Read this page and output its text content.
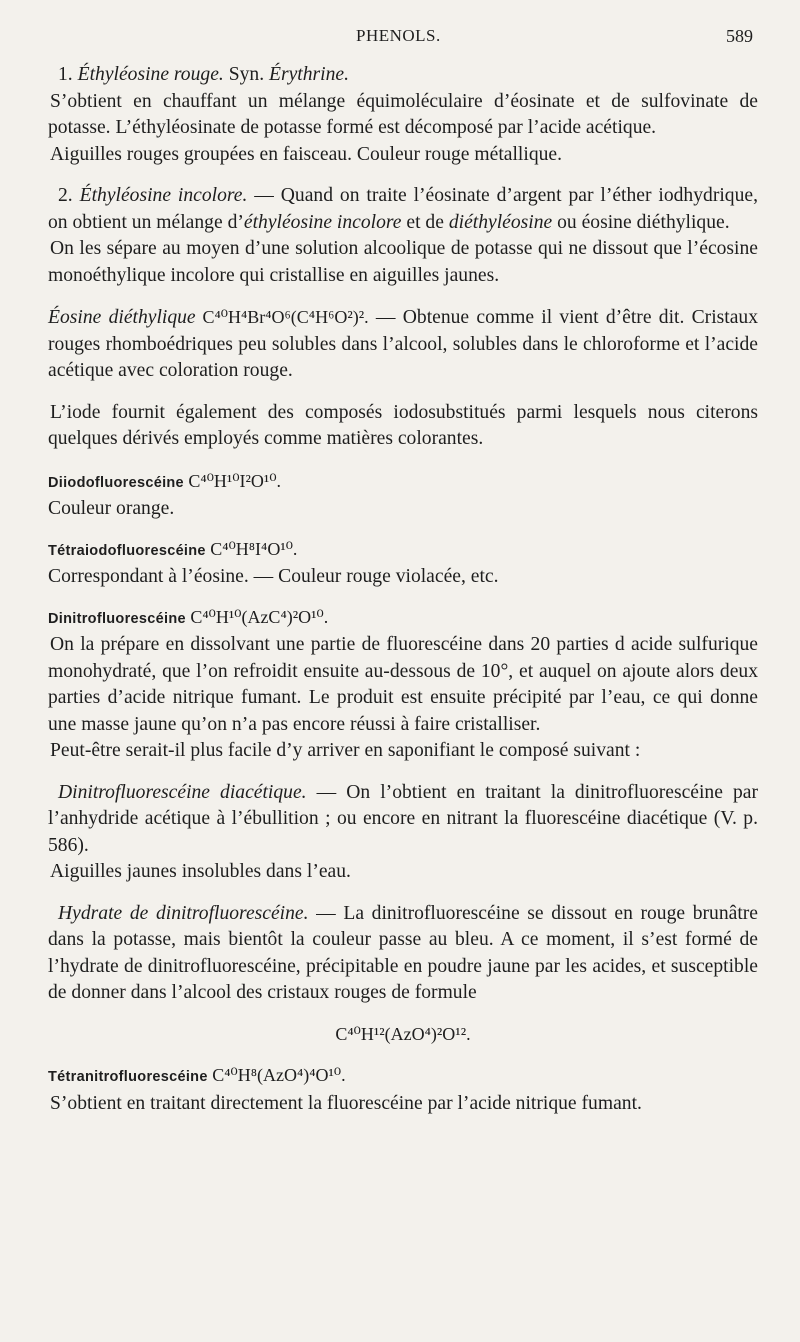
PHENOLS.	589

1. Éthyléosine rouge. Syn. Érythrine.

S’obtient en chauffant un mélange équimoléculaire d’éosinate et de sulfovinate de potasse. L’éthyléosinate de potasse formé est décomposé par l’acide acétique.

Aiguilles rouges groupées en faisceau. Couleur rouge métallique.

2. Éthyléosine incolore. — Quand on traite l’éosinate d’argent par l’éther iodhydrique, on obtient un mélange d’éthyléosine incolore et de diéthyléosine ou éosine diéthylique.

On les sépare au moyen d’une solution alcoolique de potasse qui ne dissout que l’écosine monoéthylique incolore qui cristallise en aiguilles jaunes.

Éosine diéthylique C⁴⁰H⁴Br⁴O⁶(C⁴H⁶O²)². — Obtenue comme il vient d’être dit. Cristaux rouges rhomboédriques peu solubles dans l’alcool, solubles dans le chloroforme et l’acide acétique avec coloration rouge.

L’iode fournit également des composés iodosubstitués parmi lesquels nous citerons quelques dérivés employés comme matières colorantes.

Diiodofluorescéine C⁴⁰H¹⁰I²O¹⁰.

Couleur orange.

Tétraiodofluorescéine C⁴⁰H⁸I⁴O¹⁰.

Correspondant à l’éosine. — Couleur rouge violacée, etc.

Dinitrofluorescéine C⁴⁰H¹⁰(AzC⁴)²O¹⁰.

On la prépare en dissolvant une partie de fluorescéine dans 20 parties d acide sulfurique monohydraté, que l’on refroidit ensuite au-dessous de 10°, et auquel on ajoute alors deux parties d’acide nitrique fumant. Le produit est ensuite précipité par l’eau, ce qui donne une masse jaune qu’on n’a pas encore réussi à faire cristalliser.

Peut-être serait-il plus facile d’y arriver en saponifiant le composé suivant :

Dinitrofluorescéine diacétique. — On l’obtient en traitant la dinitrofluorescéine par l’anhydride acétique à l’ébullition ; ou encore en nitrant la fluorescéine diacétique (V. p. 586).

Aiguilles jaunes insolubles dans l’eau.

Hydrate de dinitrofluorescéine. — La dinitrofluorescéine se dissout en rouge brunâtre dans la potasse, mais bientôt la couleur passe au bleu. A ce moment, il s’est formé de l’hydrate de dinitrofluorescéine, précipitable en poudre jaune par les acides, et susceptible de donner dans l’alcool des cristaux rouges de formule

C⁴⁰H¹²(AzO⁴)²O¹².

Tétranitrofluorescéine C⁴⁰H⁸(AzO⁴)⁴O¹⁰.

S’obtient en traitant directement la fluorescéine par l’acide nitrique fumant.
